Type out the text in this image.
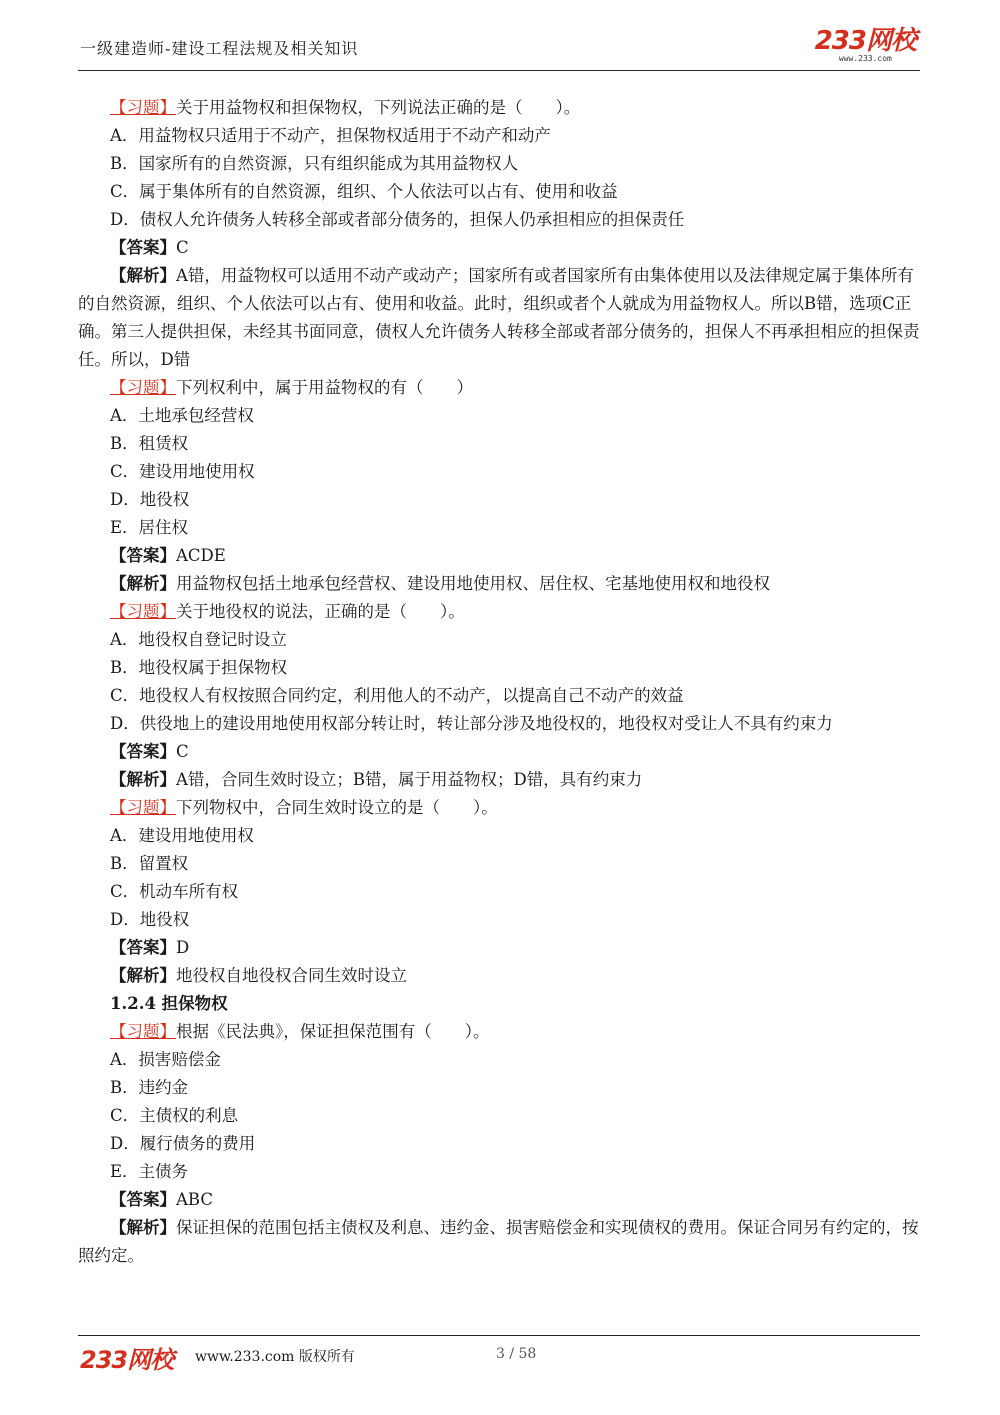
一级建造师-建设工程法规及相关知识	233网校
www.233.com
【习题】关于用益物权和担保物权，下列说法正确的是（　　）。
A．用益物权只适用于不动产，担保物权适用于不动产和动产
B．国家所有的自然资源，只有组织能成为其用益物权人
C．属于集体所有的自然资源，组织、个人依法可以占有、使用和收益
D．债权人允许债务人转移全部或者部分债务的，担保人仍承担相应的担保责任
【答案】C
【解析】A错，用益物权可以适用不动产或动产；国家所有或者国家所有由集体使用以及法律规定属于集体所有的自然资源，组织、个人依法可以占有、使用和收益。此时，组织或者个人就成为用益物权人。所以B错，选项C正确。第三人提供担保，未经其书面同意，债权人允许债务人转移全部或者部分债务的，担保人不再承担相应的担保责任。所以，D错
【习题】下列权利中，属于用益物权的有（　　）
A．土地承包经营权
B．租赁权
C．建设用地使用权
D．地役权
E．居住权
【答案】ACDE
【解析】用益物权包括土地承包经营权、建设用地使用权、居住权、宅基地使用权和地役权
【习题】关于地役权的说法，正确的是（　　）。
A．地役权自登记时设立
B．地役权属于担保物权
C．地役权人有权按照合同约定，利用他人的不动产，以提高自己不动产的效益
D．供役地上的建设用地使用权部分转让时，转让部分涉及地役权的，地役权对受让人不具有约束力
【答案】C
【解析】A错，合同生效时设立；B错，属于用益物权；D错，具有约束力
【习题】下列物权中，合同生效时设立的是（　　）。
A．建设用地使用权
B．留置权
C．机动车所有权
D．地役权
【答案】D
【解析】地役权自地役权合同生效时设立
1.2.4 担保物权
【习题】根据《民法典》，保证担保范围有（　　）。
A．损害赔偿金
B．违约金
C．主债权的利息
D．履行债务的费用
E．主债务
【答案】ABC
【解析】保证担保的范围包括主债权及利息、违约金、损害赔偿金和实现债权的费用。保证合同另有约定的，按照约定。
233网校 www.233.com 版权所有	3 / 58
